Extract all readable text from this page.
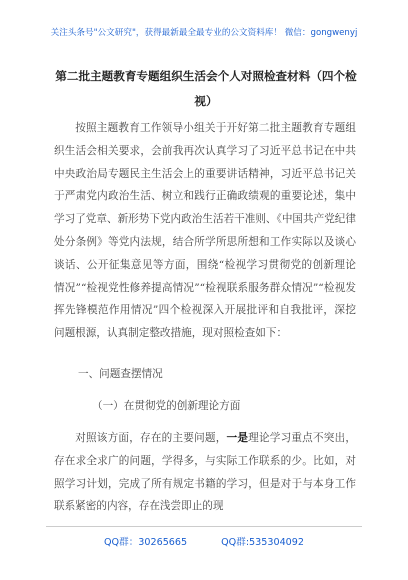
关注头条号"公文研究"，获得最新最全最专业的公文资料库！ 微信：gongwenyj
第二批主题教育专题组织生活会个人对照检查材料（四个检视）

按照主题教育工作领导小组关于开好第二批主题教育专题组织生活会相关要求，会前我再次认真学习了习近平总书记在中共中央政治局专题民主生活会上的重要讲话精神，习近平总书记关于严肃党内政治生活、树立和践行正确政绩观的重要论述，集中学习了党章、新形势下党内政治生活若干准则、《中国共产党纪律处分条例》等党内法规，结合所学所思所想和工作实际以及谈心谈话、公开征集意见等方面，围绕“检视学习贯彻党的创新理论情况”“检视党性修养提高情况”“检视联系服务群众情况”“检视发挥先锋模范作用情况”四个检视深入开展批评和自我批评，深挖问题根源，认真制定整改措施，现对照检查如下：

一、问题查摆情况
（一）在贯彻党的创新理论方面

对照该方面，存在的主要问题，一是理论学习重点不突出，存在求全求广的问题，学得多，与实际工作联系的少。比如，对照学习计划，完成了所有规定书籍的学习，但是对于与本身工作联系紧密的内容，存在浅尝即止的现

QQ群：30265665	QQ群:535304092
